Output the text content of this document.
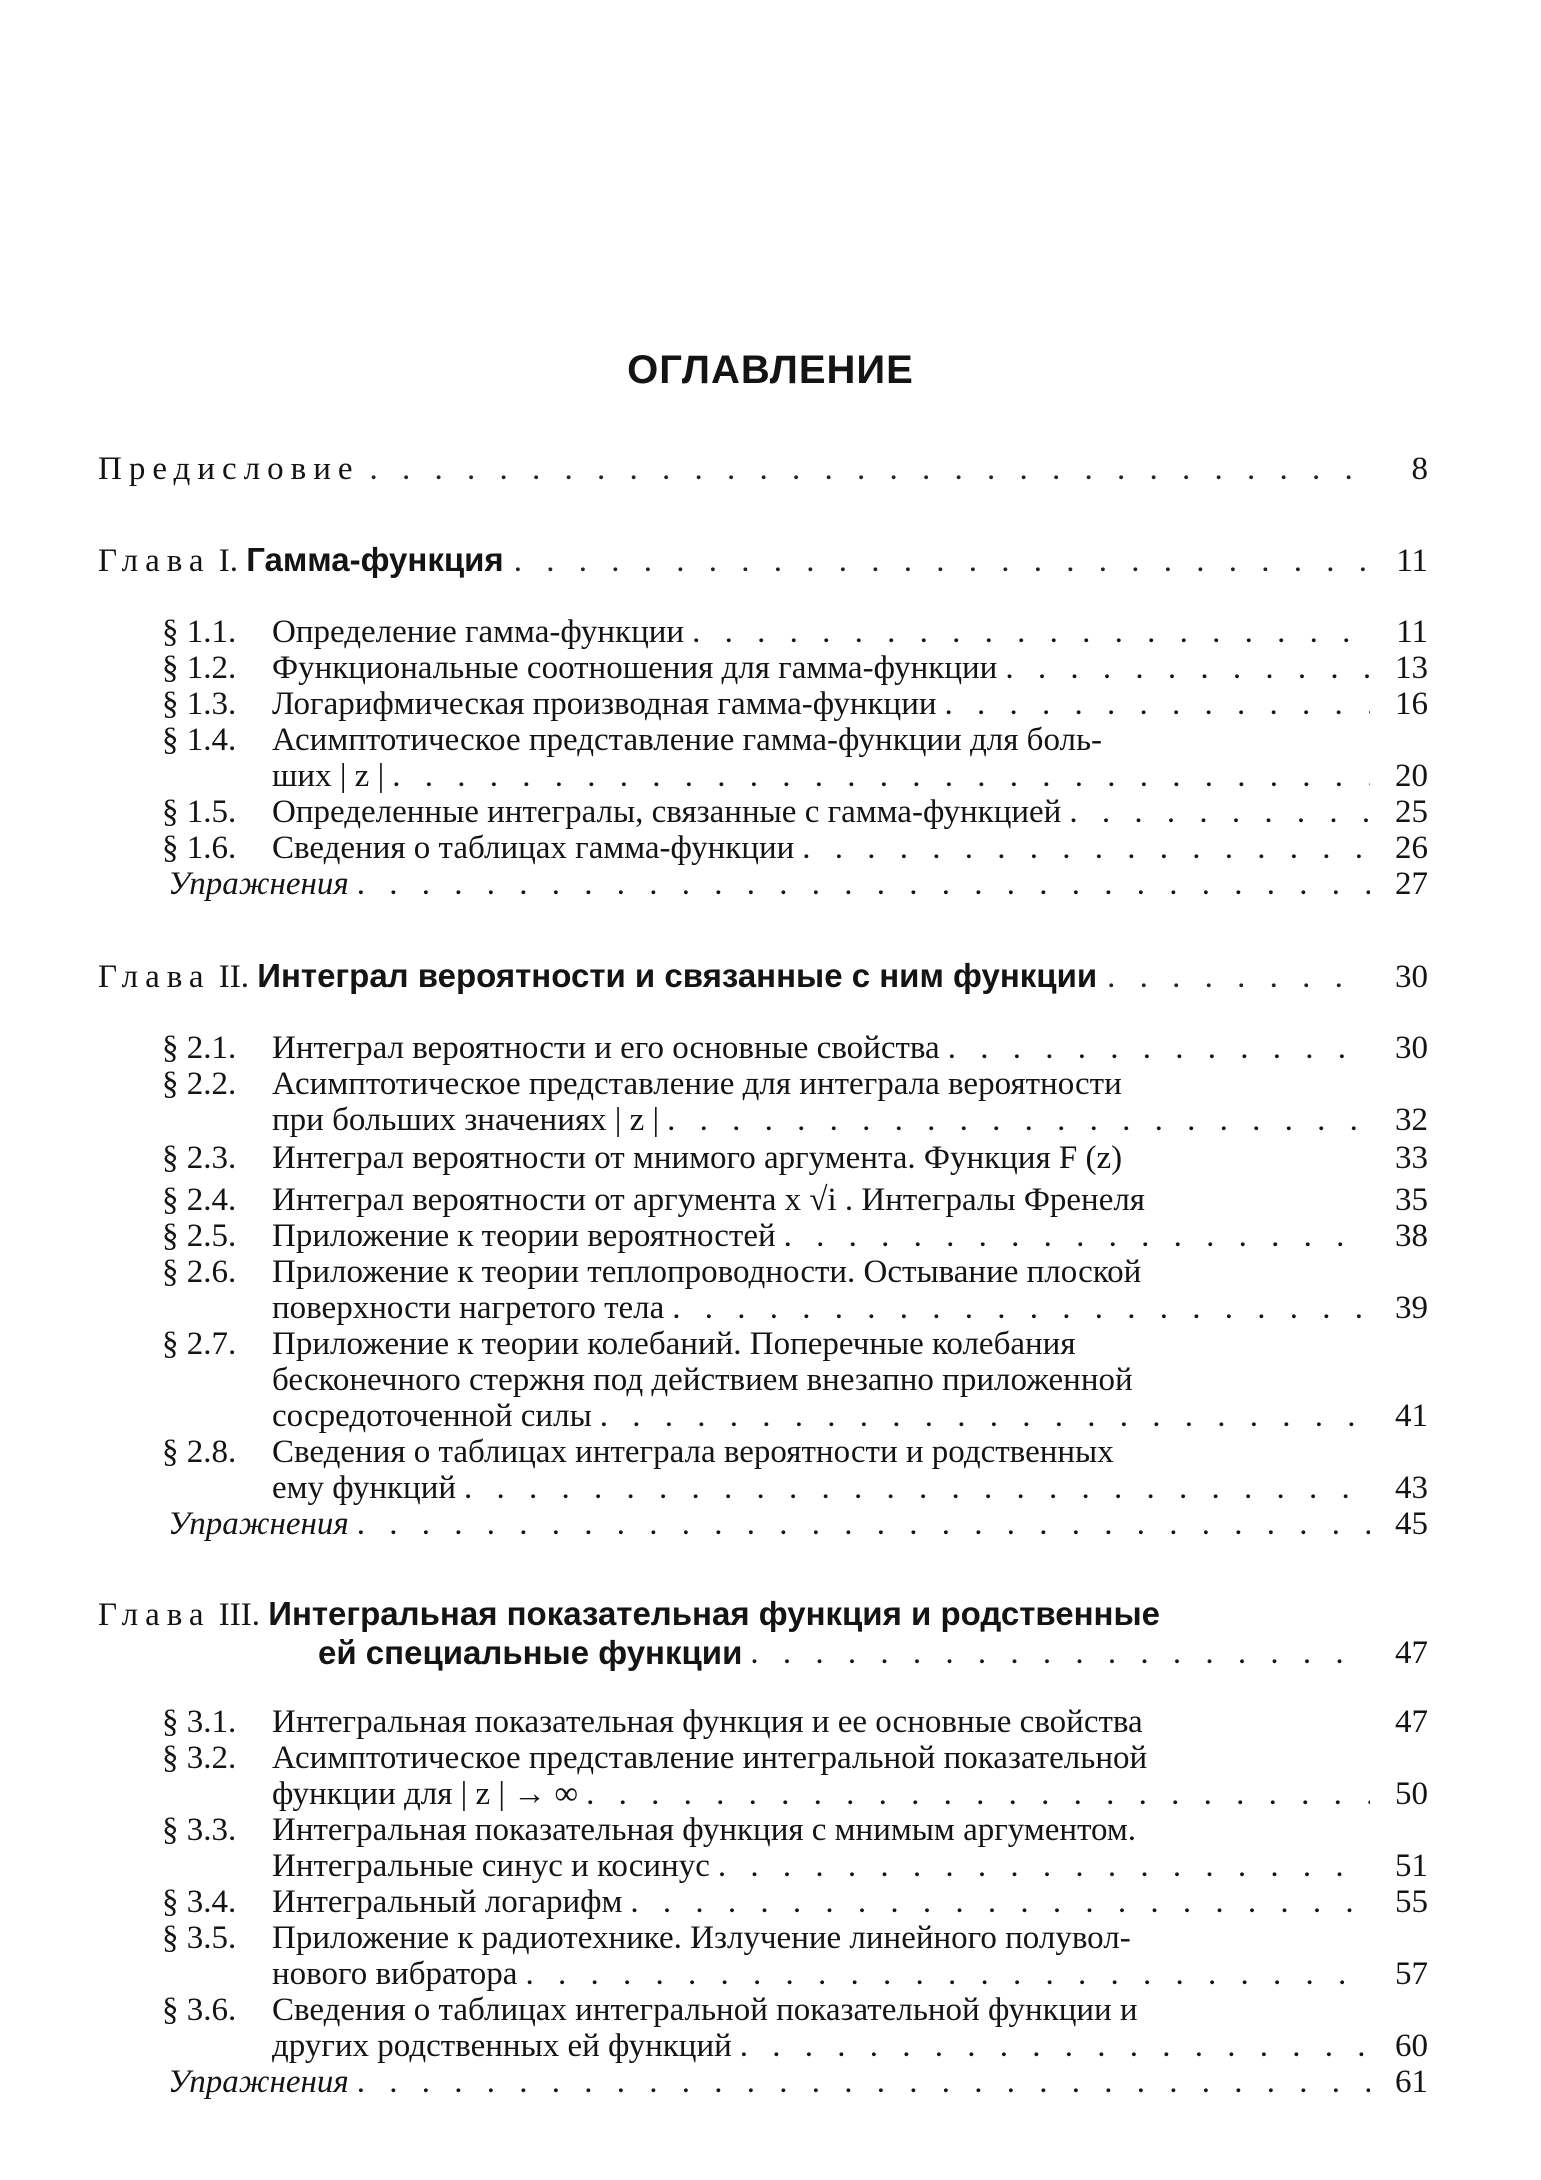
ОГЛАВЛЕНИЕ
Предисловие . . .	8
Глава I. Гамма-функция . . .	11
§ 1.1.	Определение гамма-функции . . .	11
§ 1.2.	Функциональные соотношения для гамма-функции . . .	13
§ 1.3.	Логарифмическая производная гамма-функции . . .	16
§ 1.4.	Асимптотическое представление гамма-функции для боль-
ших | z | . . .	20
§ 1.5.	Определенные интегралы, связанные с гамма-функцией . . .	25
§ 1.6.	Сведения о таблицах гамма-функции . . .	26
Упражнения . . .	27
Глава II. Интеграл вероятности и связанные с ним функции . . .	30
§ 2.1.	Интеграл вероятности и его основные свойства . . .	30
§ 2.2.	Асимптотическое представление для интеграла вероятности
при больших значениях | z | . . .	32
§ 2.3.	Интеграл вероятности от мнимого аргумента. Функция F (z)	33
§ 2.4.	Интеграл вероятности от аргумента x √i . Интегралы Френеля	35
§ 2.5.	Приложение к теории вероятностей . . .	38
§ 2.6.	Приложение к теории теплопроводности. Остывание плоской
поверхности нагретого тела . . .	39
§ 2.7.	Приложение к теории колебаний. Поперечные колебания
бесконечного стержня под действием внезапно приложенной
сосредоточенной силы . . .	41
§ 2.8.	Сведения о таблицах интеграла вероятности и родственных
ему функций . . .	43
Упражнения . . .	45
Глава III. Интегральная показательная функция и родственные
ей специальные функции . . .	47
§ 3.1.	Интегральная показательная функция и ее основные свойства	47
§ 3.2.	Асимптотическое представление интегральной показательной
функции для | z | → ∞ . . .	50
§ 3.3.	Интегральная показательная функция с мнимым аргументом.
Интегральные синус и косинус . . .	51
§ 3.4.	Интегральный логарифм . . .	55
§ 3.5.	Приложение к радиотехнике. Излучение линейного полувол-
нового вибратора . . .	57
§ 3.6.	Сведения о таблицах интегральной показательной функции и
других родственных ей функций . . .	60
Упражнения . . .	61
